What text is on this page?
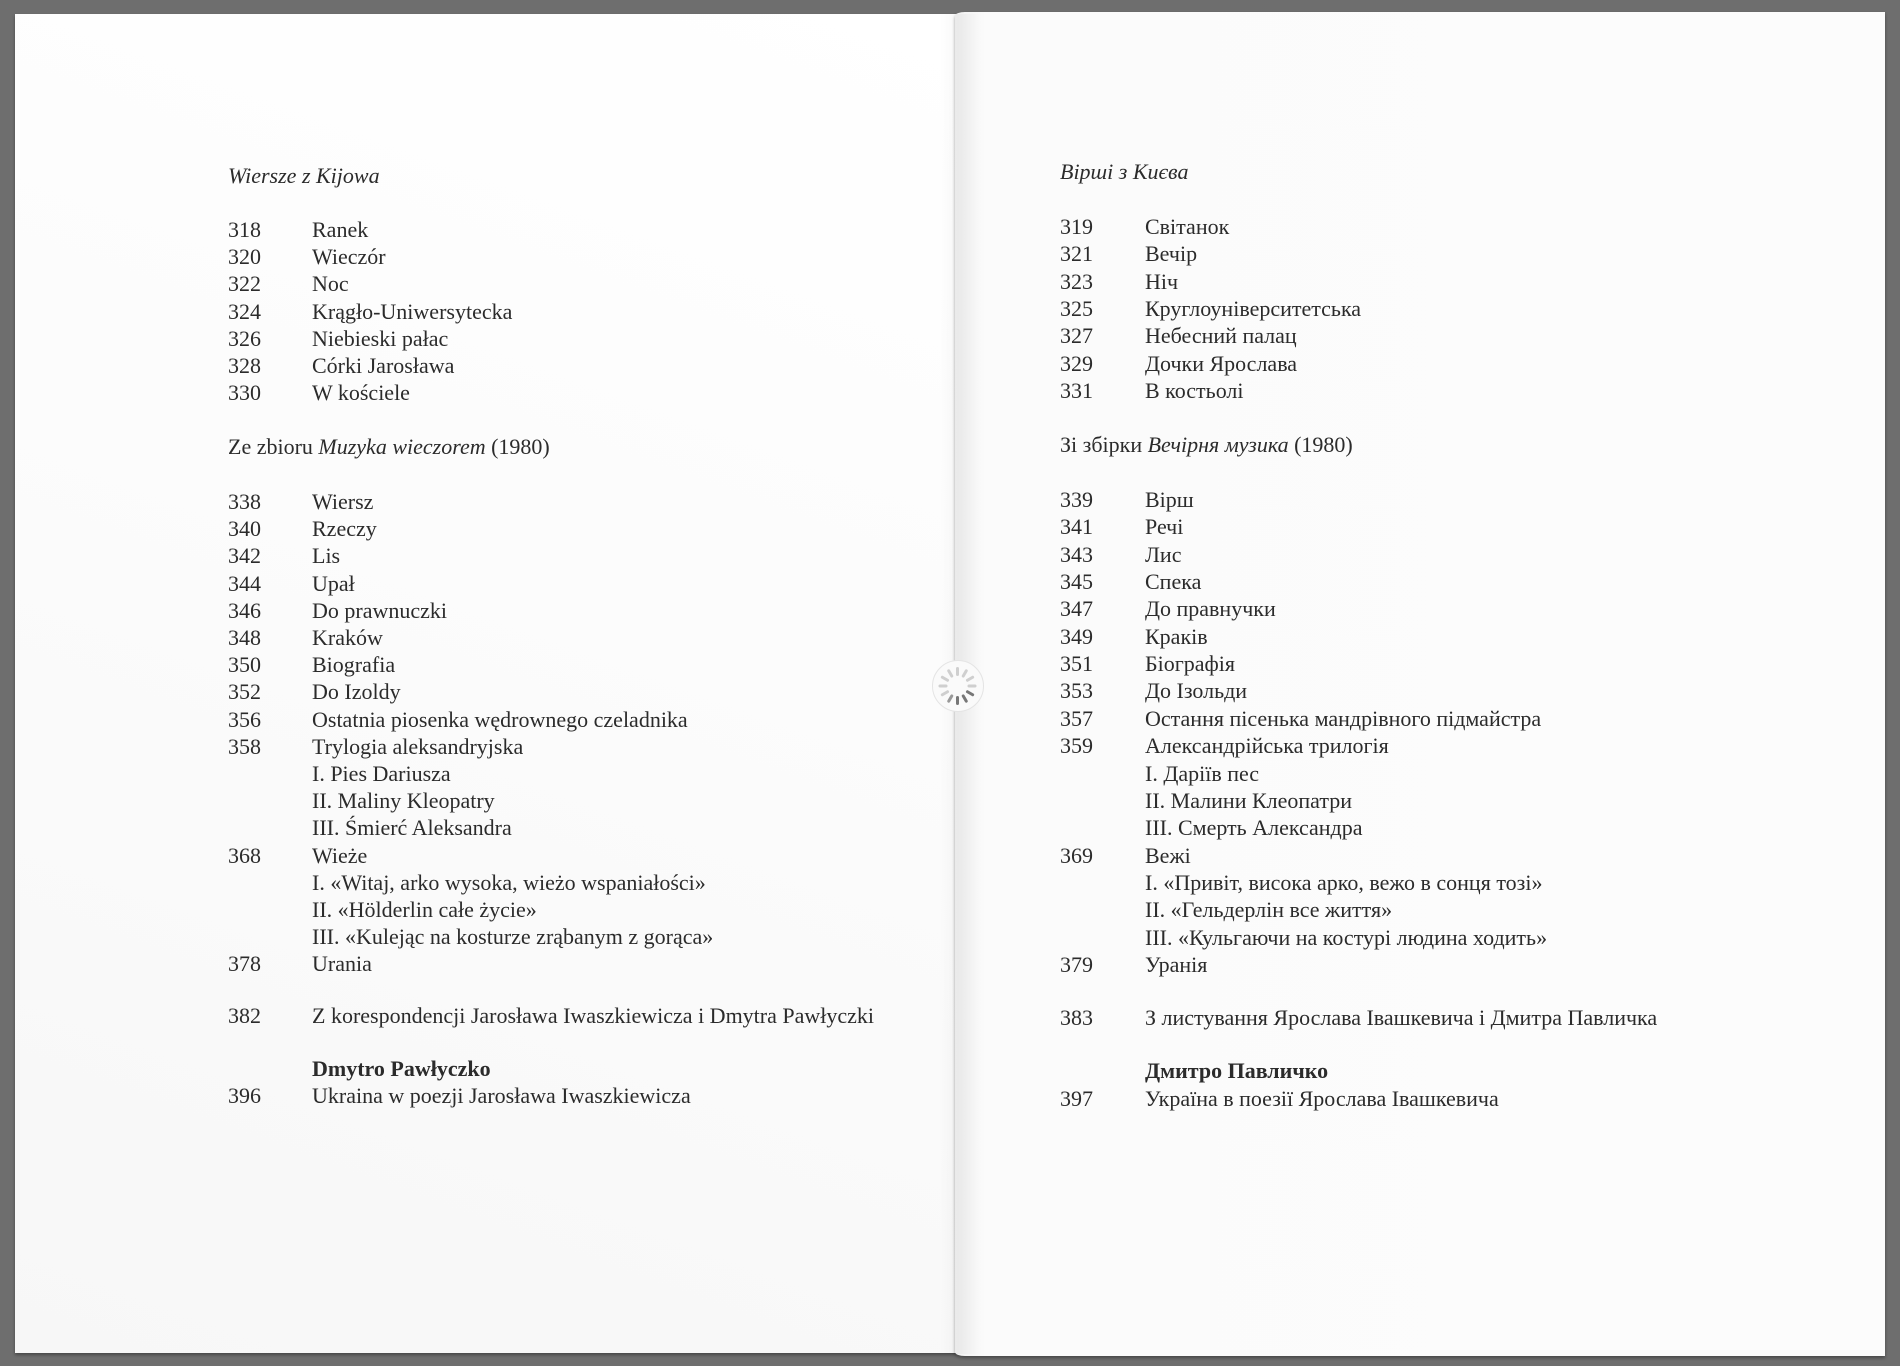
Wiersze z Kijowa
318 Ranek
320 Wieczór
322 Noc
324 Krągło-Uniwersytecka
326 Niebieski pałac
328 Córki Jarosława
330 W kościele
Ze zbioru Muzyka wieczorem (1980)
338 Wiersz
340 Rzeczy
342 Lis
344 Upał
346 Do prawnuczki
348 Kraków
350 Biografia
352 Do Izoldy
356 Ostatnia piosenka wędrownego czeladnika
358 Trylogia aleksandryjska
I. Pies Dariusza
II. Maliny Kleopatry
III. Śmierć Aleksandra
368 Wieże
I. «Witaj, arko wysoka, wieżo wspaniałości»
II. «Hölderlin całe życie»
III. «Kulejąc na kosturze zrąbanym z gorąca»
378 Urania
382 Z korespondencji Jarosława Iwaszkiewicza i Dmytra Pawłyczki
Dmytro Pawłyczko
396 Ukraina w poezji Jarosława Iwaszkiewicza
Вірші з Києва
319 Світанок
321 Вечір
323 Ніч
325 Круглоуніверситетська
327 Небесний палац
329 Дочки Ярослава
331 В костьолі
Зі збірки Вечірня музика (1980)
339 Вірш
341 Речі
343 Лис
345 Спека
347 До правнучки
349 Краків
351 Біографія
353 До Ізольди
357 Остання пісенька мандрівного підмайстра
359 Александрійська трилогія
I. Даріїв пес
II. Малини Клеопатри
III. Смерть Александра
369 Вежі
I. «Привіт, висока арко, вежо в сонця тозі»
II. «Гельдерлін все життя»
III. «Кульгаючи на костурі людина ходить»
379 Уранія
383 З листування Ярослава Івашкевича і Дмитра Павличка
Дмитро Павличко
397 Україна в поезії Ярослава Івашкевича
